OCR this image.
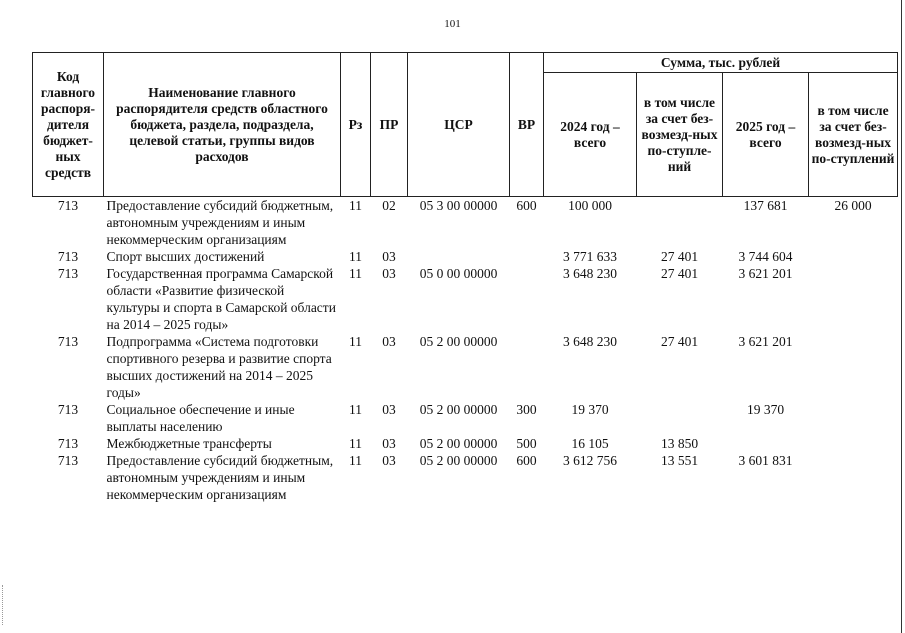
101
Код главного распоря-дителя бюджет-ных средств	Наименование главного распорядителя средств областного бюджета, раздела, подраздела, целевой статьи, группы видов расходов	Рз	ПР	ЦСР	ВР	Сумма, тыс. рублей			
						2024 год – всего	в том числе за счет без-возмезд-ных по-ступле-ний	2025 год – всего	в том числе за счет без-возмезд-ных по-ступлений
713	Предоставление субсидий бюджетным, автономным учреждениям и иным некоммерческим организациям	11	02	05 3 00 00000	600	100 000		137 681	26 000
713	Спорт высших достижений	11	03			3 771 633	27 401	3 744 604	
713	Государственная программа Самарской области «Развитие физической культуры и спорта в Самарской области на 2014 – 2025 годы»	11	03	05 0 00 00000		3 648 230	27 401	3 621 201	
713	Подпрограмма «Система подготовки спортивного резерва и развитие спорта высших достижений на 2014 – 2025 годы»	11	03	05 2 00 00000		3 648 230	27 401	3 621 201	
713	Социальное обеспечение и иные выплаты населению	11	03	05 2 00 00000	300	19 370		19 370	
713	Межбюджетные трансферты	11	03	05 2 00 00000	500	16 105	13 850		
713	Предоставление субсидий бюджетным, автономным учреждениям и иным некоммерческим организациям	11	03	05 2 00 00000	600	3 612 756	13 551	3 601 831	
